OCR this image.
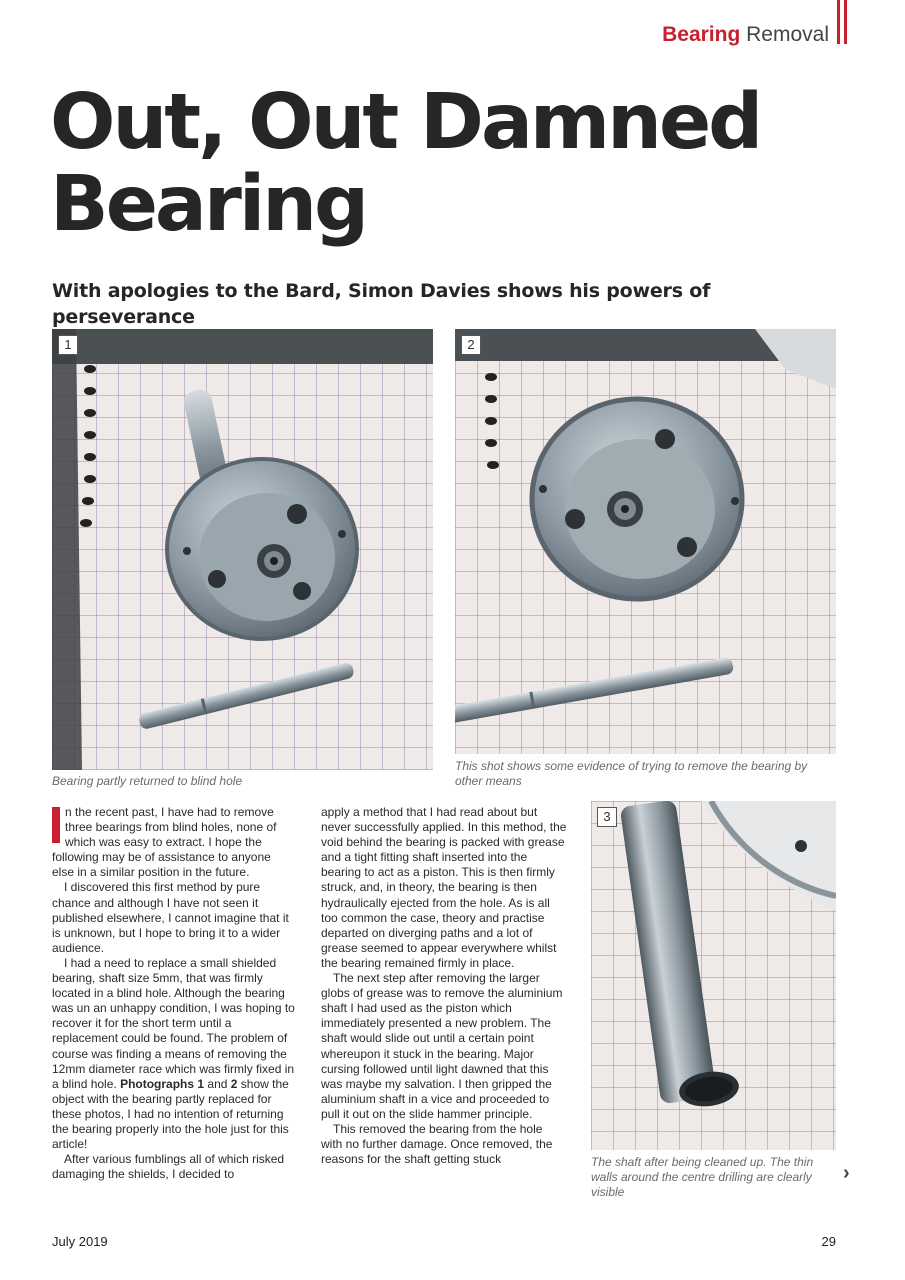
Bearing Removal
Out, Out Damned
Bearing
With apologies to the Bard, Simon Davies shows his powers of perseverance
1	2
Bearing partly returned to blind hole
This shot shows some evidence of trying to remove the bearing by other means

n the recent past, I have had to remove three bearings from blind holes, none of which was easy to extract. I hope the following may be of assistance to anyone else in a similar position in the future.

I discovered this first method by pure chance and although I have not seen it published elsewhere, I cannot imagine that it is unknown, but I hope to bring it to a wider audience.

I had a need to replace a small shielded bearing, shaft size 5mm, that was firmly located in a blind hole. Although the bearing was un an unhappy condition, I was hoping to recover it for the short term until a replacement could be found. The problem of course was finding a means of removing the 12mm diameter race which was firmly fixed in a blind hole. Photographs 1 and 2 show the object with the bearing partly replaced for these photos, I had no intention of returning the bearing properly into the hole just for this article!

After various fumblings all of which risked damaging the shields, I decided to

apply a method that I had read about but never successfully applied. In this method, the void behind the bearing is packed with grease and a tight fitting shaft inserted into the bearing to act as a piston. This is then firmly struck, and, in theory, the bearing is then hydraulically ejected from the hole. As is all too common the case, theory and practise departed on diverging paths and a lot of grease seemed to appear everywhere whilst the bearing remained firmly in place.

The next step after removing the larger globs of grease was to remove the aluminium shaft I had used as the piston which immediately presented a new problem. The shaft would slide out until a certain point whereupon it stuck in the bearing. Major cursing followed until light dawned that this was maybe my salvation. I then gripped the aluminium shaft in a vice and proceeded to pull it out on the slide hammer principle.

This removed the bearing from the hole with no further damage. Once removed, the reasons for the shaft getting stuck

3
The shaft after being cleaned up. The thin walls around the centre drilling are clearly visible
›
July 2019	29
